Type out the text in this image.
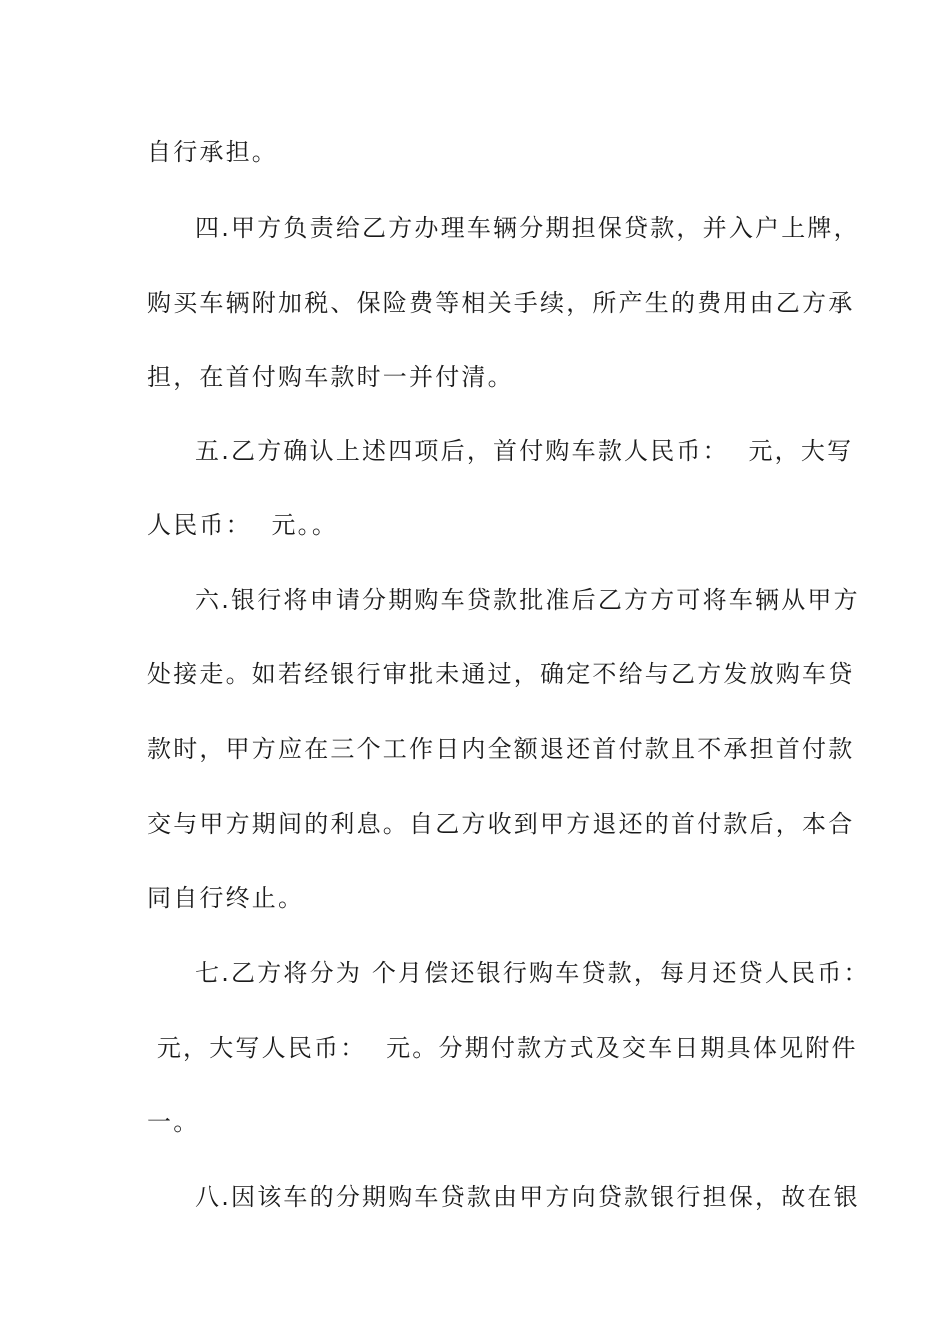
自行承担。
四.甲方负责给乙方办理车辆分期担保贷款，并入户上牌，
购买车辆附加税、保险费等相关手续，所产生的费用由乙方承
担，在首付购车款时一并付清。
五.乙方确认上述四项后，首付购车款人民币：  元，大写
人民币：  元。。
六.银行将申请分期购车贷款批准后乙方方可将车辆从甲方
处接走。如若经银行审批未通过，确定不给与乙方发放购车贷
款时，甲方应在三个工作日内全额退还首付款且不承担首付款
交与甲方期间的利息。自乙方收到甲方退还的首付款后，本合
同自行终止。
七.乙方将分为 个月偿还银行购车贷款，每月还贷人民币：
元，大写人民币：  元。分期付款方式及交车日期具体见附件
一。
八.因该车的分期购车贷款由甲方向贷款银行担保，故在银
